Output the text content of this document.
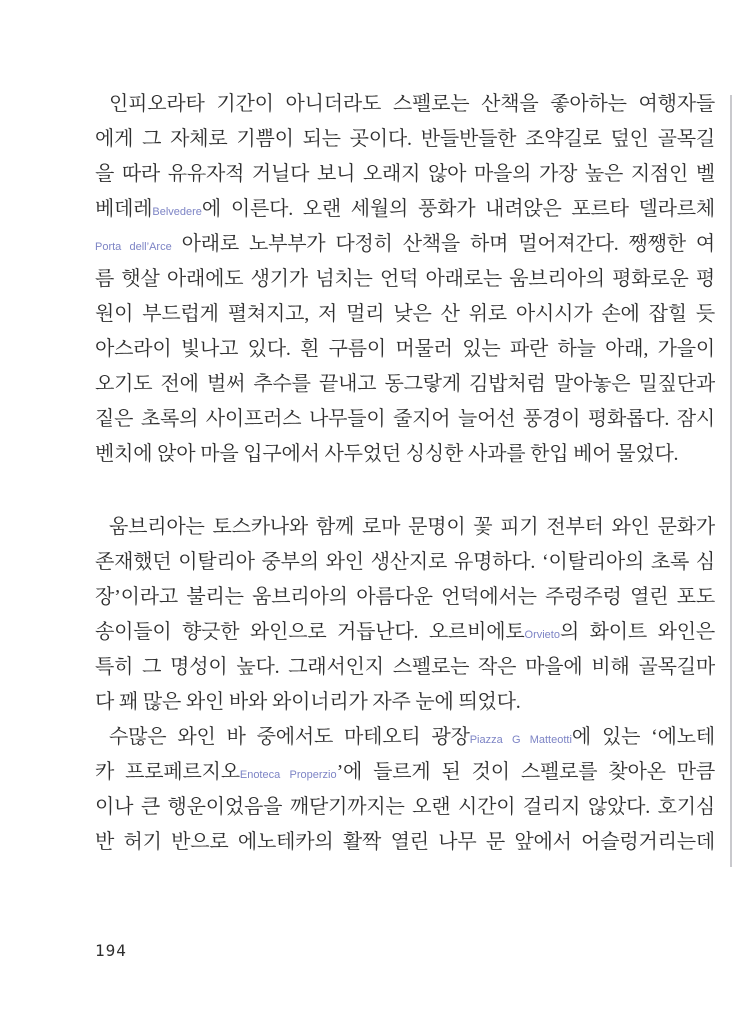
인피오라타 기간이 아니더라도 스펠로는 산책을 좋아하는 여행자들
에게 그 자체로 기쁨이 되는 곳이다. 반들반들한 조약길로 덮인 골목길
을 따라 유유자적 거닐다 보니 오래지 않아 마을의 가장 높은 지점인 벨
베데레Belvedere에 이른다. 오랜 세월의 풍화가 내려앉은 포르타 델라르체
Porta dell’Arce 아래로 노부부가 다정히 산책을 하며 멀어져간다. 쨍쨍한 여
름 햇살 아래에도 생기가 넘치는 언덕 아래로는 움브리아의 평화로운 평
원이 부드럽게 펼쳐지고, 저 멀리 낮은 산 위로 아시시가 손에 잡힐 듯
아스라이 빛나고 있다. 흰 구름이 머물러 있는 파란 하늘 아래, 가을이
오기도 전에 벌써 추수를 끝내고 동그랗게 김밥처럼 말아놓은 밀짚단과
짙은 초록의 사이프러스 나무들이 줄지어 늘어선 풍경이 평화롭다. 잠시
벤치에 앉아 마을 입구에서 사두었던 싱싱한 사과를 한입 베어 물었다.

움브리아는 토스카나와 함께 로마 문명이 꽃 피기 전부터 와인 문화가
존재했던 이탈리아 중부의 와인 생산지로 유명하다. ‘이탈리아의 초록 심
장’이라고 불리는 움브리아의 아름다운 언덕에서는 주렁주렁 열린 포도
송이들이 향긋한 와인으로 거듭난다. 오르비에토Orvieto의 화이트 와인은
특히 그 명성이 높다. 그래서인지 스펠로는 작은 마을에 비해 골목길마
다 꽤 많은 와인 바와 와이너리가 자주 눈에 띄었다.

수많은 와인 바 중에서도 마테오티 광장Piazza G Matteotti에 있는 ‘에노테
카 프로페르지오Enoteca Properzio’에 들르게 된 것이 스펠로를 찾아온 만큼
이나 큰 행운이었음을 깨닫기까지는 오랜 시간이 걸리지 않았다. 호기심
반 허기 반으로 에노테카의 활짝 열린 나무 문 앞에서 어슬렁거리는데

194
